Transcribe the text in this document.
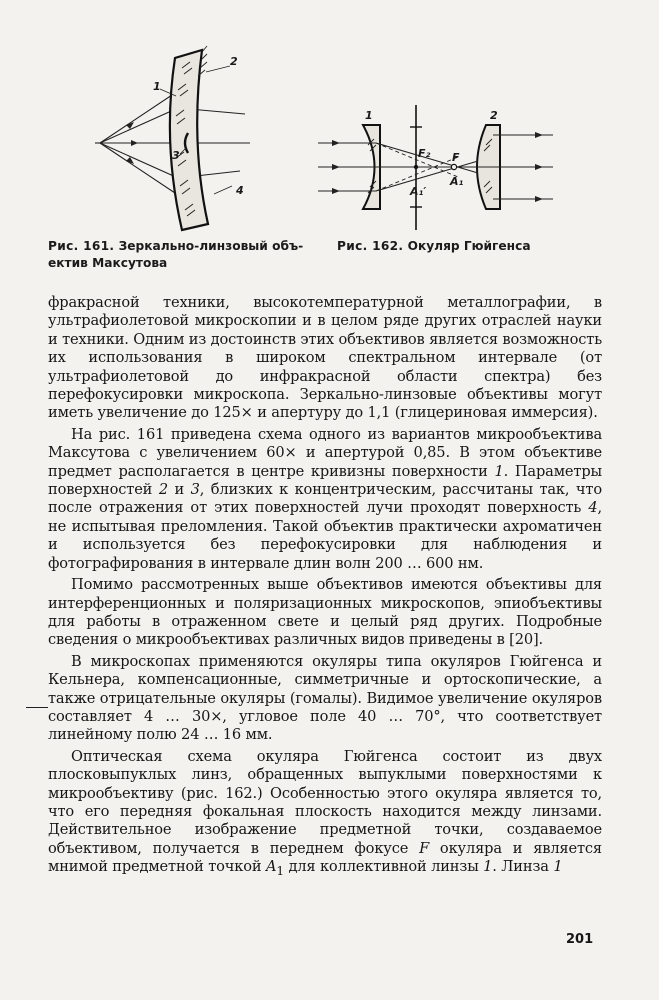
1
2
3
4
1	2
F₂ F
A₁′
A₁
Рис. 161. Зеркально-линзовый объ- ектив Максутова
Рис. 162. Окуляр Гюйгенса

фракрасной техники, высокотемпературной металлографии, в ультрафиолетовой микроскопии и в целом ряде других отраслей науки и техники. Одним из достоинств этих объективов является возможность их использования в широком спектральном интервале (от ультрафиолетовой до инфракрасной области спектра) без перефокусировки микроскопа. Зеркально-линзовые объективы могут иметь увеличение до 125× и апертуру до 1,1 (глицериновая иммерсия).

На рис. 161 приведена схема одного из вариантов микрообъектива Максутова с увеличением 60× и апертурой 0,85. В этом объективе предмет располагается в центре кривизны поверхности 1. Параметры поверхностей 2 и 3, близких к концентрическим, рассчитаны так, что после отражения от этих поверхностей лучи проходят поверхность 4, не испытывая преломления. Такой объектив практически ахроматичен и используется без перефокусировки для наблюдения и фотографирования в интервале длин волн 200 … 600 нм.

Помимо рассмотренных выше объективов имеются объективы для интерференционных и поляризационных микроскопов, эпиобъективы для работы в отраженном свете и целый ряд других. Подробные сведения о микрообъективах различных видов приведены в [20].

В микроскопах применяются окуляры типа окуляров Гюйгенса и Кельнера, компенсационные, симметричные и ортоскопические, а также отрицательные окуляры (гомалы). Видимое увеличение окуляров составляет 4 … 30×, угловое поле 40 … 70°, что соответствует линейному полю 24 … 16 мм.

Оптическая схема окуляра Гюйгенса состоит из двух плосковыпуклых линз, обращенных выпуклыми поверхностями к микрообъективу (рис. 162.) Особенностью этого окуляра является то, что его передняя фокальная плоскость находится между линзами. Действительное изображение предметной точки, создаваемое объективом, получается в переднем фокусе F окуляра и является мнимой предметной точкой $A_1$ для коллективной линзы 1. Линза 1

201
